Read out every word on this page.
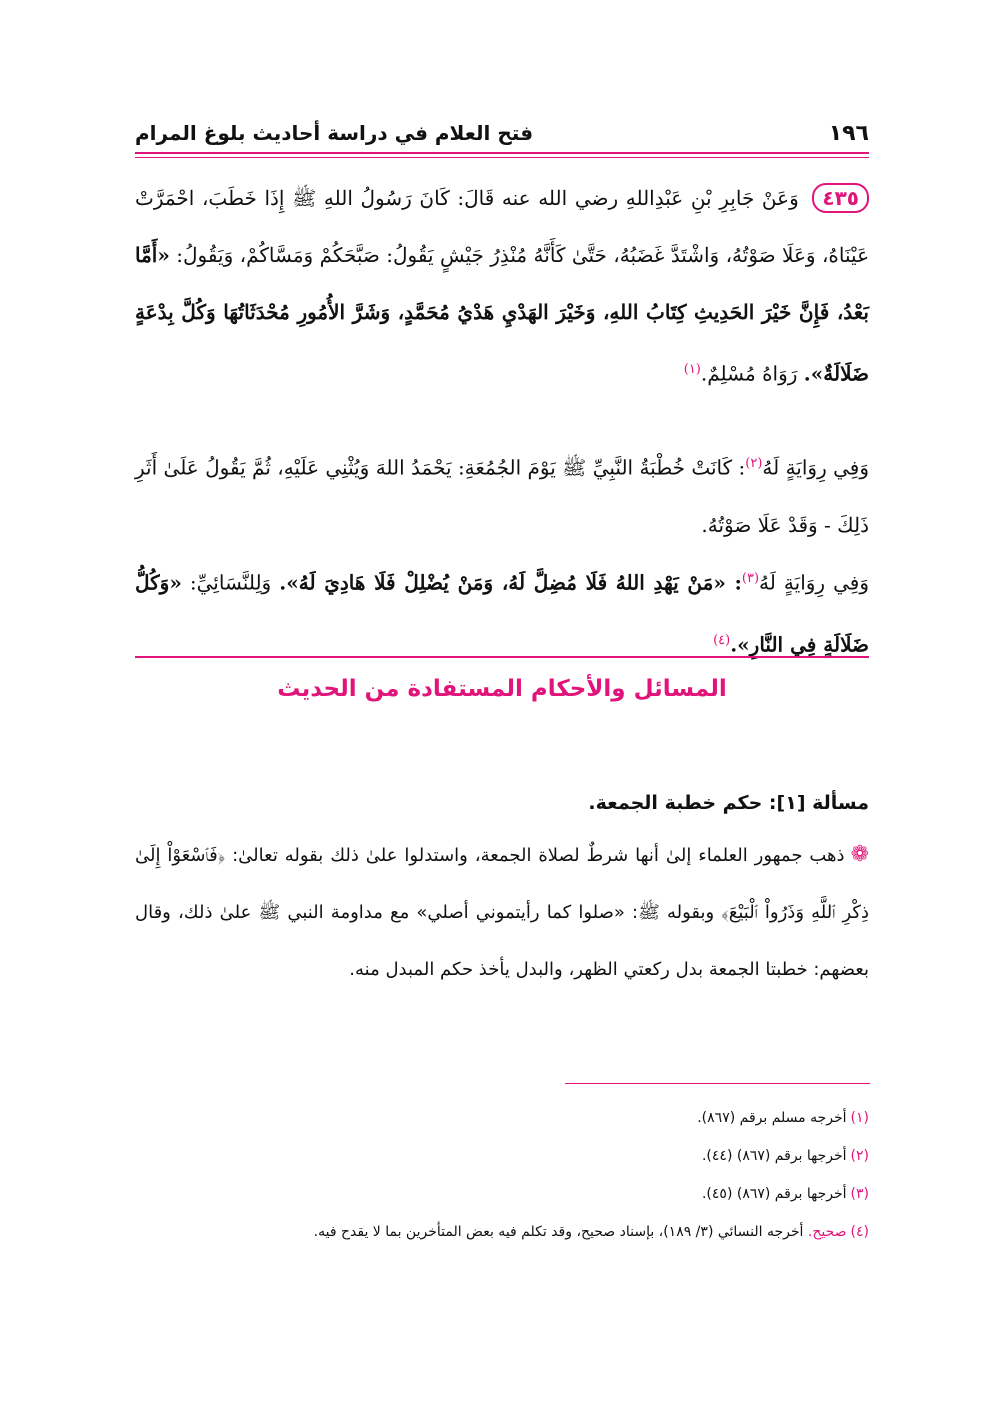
١٩٦
فتح العلام في دراسة أحاديث بلوغ المرام
٤٣٥ وَعَنْ جَابِرِ بْنِ عَبْدِاللهِ رضي الله عنه قَالَ: كَانَ رَسُولُ اللهِ ﷺ إِذَا خَطَبَ، احْمَرَّتْ عَيْنَاهُ، وَعَلَا صَوْتُهُ، وَاشْتَدَّ غَضَبُهُ، حَتَّىٰ كَأَنَّهُ مُنْذِرُ جَيْشٍ يَقُولُ: صَبَّحَكُمْ وَمَسَّاكُمْ، وَيَقُولُ: «أَمَّا بَعْدُ، فَإِنَّ خَيْرَ الحَدِيثِ كِتَابُ اللهِ، وَخَيْرَ الهَدْيِ هَدْيُ مُحَمَّدٍ، وَشَرَّ الأُمُورِ مُحْدَثَاتُهَا وَكُلَّ بِدْعَةٍ ضَلَالَةٌ». رَوَاهُ مُسْلِمٌ.$^{(١)}$
وَفِي رِوَايَةٍ لَهُ$^{(٢)}$: كَانَتْ خُطْبَةُ النَّبِيِّ ﷺ يَوْمَ الجُمُعَةِ: يَحْمَدُ اللهَ وَيُثْنِي عَلَيْهِ، ثُمَّ يَقُولُ عَلَىٰ أَثَرِ ذَلِكَ - وَقَدْ عَلَا صَوْتُهُ.
وَفِي رِوَايَةٍ لَهُ$^{(٣)}$: «مَنْ يَهْدِ اللهُ فَلَا مُضِلَّ لَهُ، وَمَنْ يُضْلِلْ فَلَا هَادِيَ لَهُ». وَلِلنَّسَائِيِّ: «وَكُلُّ ضَلَالَةٍ فِي النَّارِ».$^{(٤)}$
المسائل والأحكام المستفادة من الحديث
مسألة [١]: حكم خطبة الجمعة.
❁ذهب جمهور العلماء إلىٰ أنها شرطٌ لصلاة الجمعة، واستدلوا علىٰ ذلك بقوله تعالىٰ: ﴿فَٱسْعَوْاْ إِلَىٰ ذِكْرِ ٱللَّهِ وَذَرُواْ ٱلْبَيْعَ﴾ وبقوله ﷺ: «صلوا كما رأيتموني أصلي» مع مداومة النبي ﷺ علىٰ ذلك، وقال بعضهم: خطبتا الجمعة بدل ركعتي الظهر، والبدل يأخذ حكم المبدل منه.
(١)أخرجه مسلم برقم (٨٦٧).
(٢)أخرجها برقم (٨٦٧) (٤٤).
(٣)أخرجها برقم (٨٦٧) (٤٥).
(٤)صحيح. أخرجه النسائي (٣/ ١٨٩)، بإسناد صحيح، وقد تكلم فيه بعض المتأخرين بما لا يقدح فيه.
